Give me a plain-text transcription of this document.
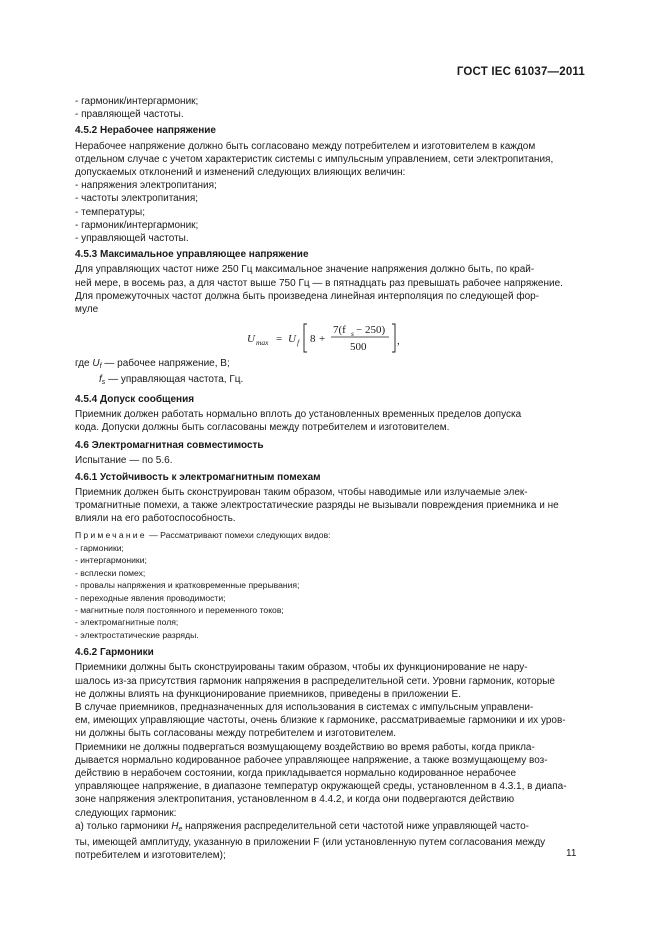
ГОСТ IEC 61037—2011
- гармоник/интергармоник;
- правляющей частоты.
4.5.2 Нерабочее напряжение
Нерабочее напряжение должно быть согласовано между потребителем и изготовителем в каждом
отдельном случае с учетом характеристик системы с импульсным управлением, сети электропитания,
допускаемых отклонений и изменений следующих влияющих величин:
- напряжения электропитания;
- частоты электропитания;
- температуры;
- гармоник/интергармоник;
- управляющей частоты.
4.5.3 Максимальное управляющее напряжение
Для управляющих частот ниже 250 Гц максимальное значение напряжения должно быть, по край-
ней мере, в восемь раз, а для частот выше 750 Гц — в пятнадцать раз превышать рабочее напряжение.
Для промежуточных частот должна быть произведена линейная интерполяция по следующей фор-
муле
U max = U f 8 +
7(f s − 250)
500	,
где $U_f$ — рабочее напряжение, В;
$f_s$ — управляющая частота, Гц.
4.5.4 Допуск сообщения
Приемник должен работать нормально вплоть до установленных временных пределов допуска
кода. Допуски должны быть согласованы между потребителем и изготовителем.
4.6 Электромагнитная совместимость
Испытание — по 5.6.
4.6.1 Устойчивость к электромагнитным помехам
Приемник должен быть сконструирован таким образом, чтобы наводимые или излучаемые элек-
тромагнитные помехи, а также электростатические разряды не вызывали повреждения приемника и не
влияли на его работоспособность.
Примечание — Рассматривают помехи следующих видов:
- гармоники;
- интергармоники;
- всплески помех;
- провалы напряжения и кратковременные прерывания;
- переходные явления проводимости;
- магнитные поля постоянного и переменного токов;
- электромагнитные поля;
- электростатические разряды.
4.6.2 Гармоники
Приемники должны быть сконструированы таким образом, чтобы их функционирование не нару-
шалось из-за присутствия гармоник напряжения в распределительной сети. Уровни гармоник, которые
не должны влиять на функционирование приемников, приведены в приложении Е.
В случае приемников, предназначенных для использования в системах с импульсным управлени-
ем, имеющих управляющие частоты, очень близкие к гармонике, рассматриваемые гармоники и их уров-
ни должны быть согласованы между потребителем и изготовителем.
Приемники не должны подвергаться возмущающему воздействию во время работы, когда прикла-
дывается нормально кодированное рабочее управляющее напряжение, а также возмущающему воз-
действию в нерабочем состоянии, когда прикладывается нормально кодированное нерабочее
управляющее напряжение, в диапазоне температур окружающей среды, установленном в 4.3.1, в диапа-
зоне напряжения электропитания, установленном в 4.4.2, и когда они подвергаются действию
следующих гармоник:
а) только гармоники $H_e$ напряжения распределительной сети частотой ниже управляющей часто-
ты, имеющей амплитуду, указанную в приложении F (или установленную путем согласования между
потребителем и изготовителем);	11
